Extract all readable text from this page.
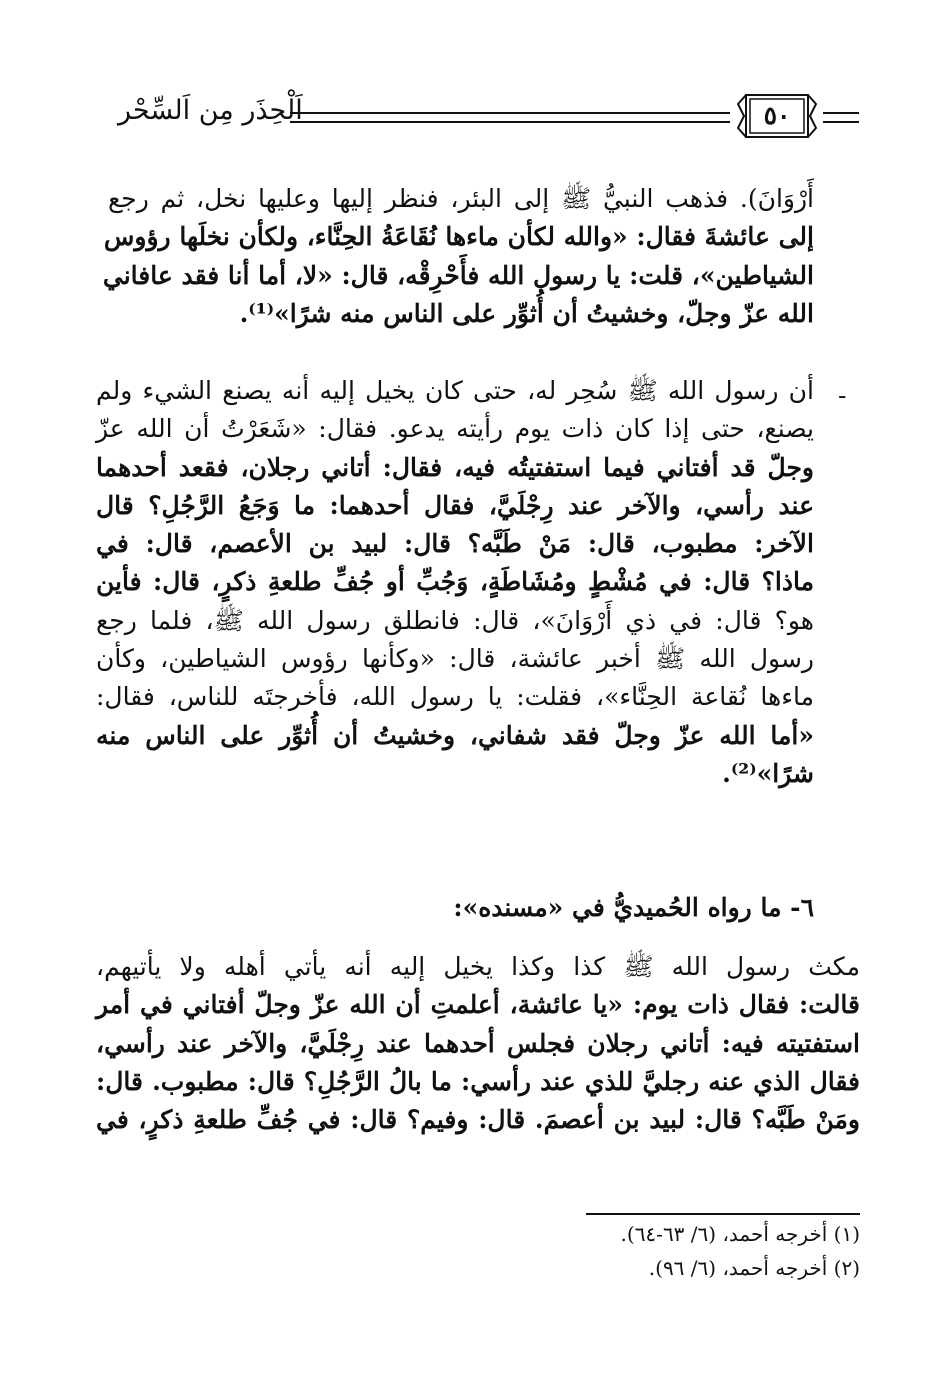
اَلْحِذَر مِن اَلسِّحْر	٥٠
أَرْوَانَ). فذهب النبيُّ ﷺ إلى البئر، فنظر إليها وعليها نخل، ثم رجع
إلى عائشةَ فقال: «والله لكأن ماءها نُقَاعَةُ الحِنَّاء، ولكأن نخلَها رؤوس
الشياطين»، قلت: يا رسول الله فأَحْرِقْه، قال: «لا، أما أنا فقد عافاني
الله عزّ وجلّ، وخشيتُ أن أُثوِّر على الناس منه شرًا»⁽¹⁾.
-
أن رسول الله ﷺ سُحِر له، حتى كان يخيل إليه أنه يصنع الشيء ولم
يصنع، حتى إذا كان ذات يوم رأيته يدعو. فقال: «شَعَرْتُ أن الله عزّ
وجلّ قد أفتاني فيما استفتيتُه فيه، فقال: أتاني رجلان، فقعد أحدهما
عند رأسي، والآخر عند رِجْلَيَّ، فقال أحدهما: ما وَجَعُ الرَّجُلِ؟ قال
الآخر: مطبوب، قال: مَنْ طَبَّه؟ قال: لبيد بن الأعصم، قال: في
ماذا؟ قال: في مُشْطٍ ومُشَاطَةٍ، وَجُبِّ أو جُفِّ طلعةِ ذكرٍ، قال: فأين
هو؟ قال: في ذي أَرْوَانَ»، قال: فانطلق رسول الله ﷺ، فلما رجع
رسول الله ﷺ أخبر عائشة، قال: «وكأنها رؤوس الشياطين، وكأن
ماءها نُقاعة الحِنَّاء»، فقلت: يا رسول الله، فأخرجتَه للناس، فقال:
«أما الله عزّ وجلّ فقد شفاني، وخشيتُ أن أُثوِّر على الناس منه
شرًا»⁽²⁾.
٦- ما رواه الحُميديُّ في «مسنده»:
مكث رسول الله ﷺ كذا وكذا يخيل إليه أنه يأتي أهله ولا يأتيهم،
قالت: فقال ذات يوم: «يا عائشة، أعلمتِ أن الله عزّ وجلّ أفتاني في أمر
استفتيته فيه: أتاني رجلان فجلس أحدهما عند رِجْلَيَّ، والآخر عند رأسي،
فقال الذي عنه رجليَّ للذي عند رأسي: ما بالُ الرَّجُلِ؟ قال: مطبوب. قال:
ومَنْ طَبَّه؟ قال: لبيد بن أعصمَ. قال: وفيم؟ قال: في جُفِّ طلعةِ ذكرٍ، في
(١) أخرجه أحمد، (٦/ ٦٣-٦٤).
(٢) أخرجه أحمد، (٦/ ٩٦).
